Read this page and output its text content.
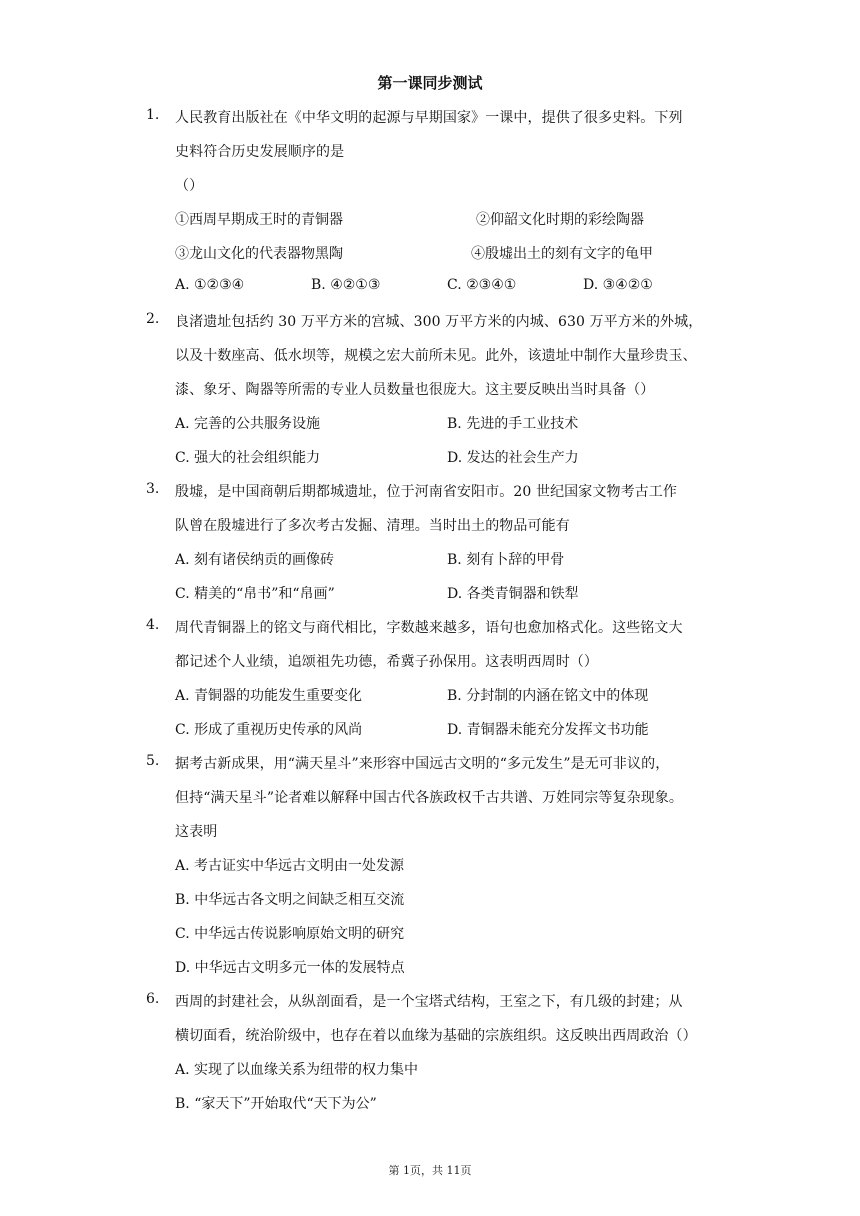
第一课同步测试
1. 人民教育出版社在《中华文明的起源与早期国家》一课中，提供了很多史料。下列
史料符合历史发展顺序的是
（）
①西周早期成王时的青铜器	②仰韶文化时期的彩绘陶器
③龙山文化的代表器物黑陶	④殷墟出土的刻有文字的龟甲
A. ①②③④	B. ④②①③	C. ②③④①	D. ③④②①
2. 良渚遗址包括约 30 万平方米的宫城、300 万平方米的内城、630 万平方米的外城，
以及十数座高、低水坝等，规模之宏大前所未见。此外，该遗址中制作大量珍贵玉、
漆、象牙、陶器等所需的专业人员数量也很庞大。这主要反映出当时具备（）
A. 完善的公共服务设施	B. 先进的手工业技术
C. 强大的社会组织能力	D. 发达的社会生产力
3. 殷墟，是中国商朝后期都城遗址，位于河南省安阳市。20 世纪国家文物考古工作
队曾在殷墟进行了多次考古发掘、清理。当时出土的物品可能有
A. 刻有诸侯纳贡的画像砖	B. 刻有卜辞的甲骨
C. 精美的“帛书”和“帛画”	D. 各类青铜器和铁犁
4. 周代青铜器上的铭文与商代相比，字数越来越多，语句也愈加格式化。这些铭文大
都记述个人业绩，追颂祖先功德，希冀子孙保用。这表明西周时（）
A. 青铜器的功能发生重要变化	B. 分封制的内涵在铭文中的体现
C. 形成了重视历史传承的风尚	D. 青铜器未能充分发挥文书功能
5. 据考古新成果，用“满天星斗”来形容中国远古文明的“多元发生”是无可非议的，
但持“满天星斗”论者难以解释中国古代各族政权千古共谱、万姓同宗等复杂现象。
这表明
A. 考古证实中华远古文明由一处发源
B. 中华远古各文明之间缺乏相互交流
C. 中华远古传说影响原始文明的研究
D. 中华远古文明多元一体的发展特点
6. 西周的封建社会，从纵剖面看，是一个宝塔式结构，王室之下，有几级的封建；从
横切面看，统治阶级中，也存在着以血缘为基础的宗族组织。这反映出西周政治（）
A. 实现了以血缘关系为纽带的权力集中
B. “家天下”开始取代“天下为公”
第 1页，共 11页
